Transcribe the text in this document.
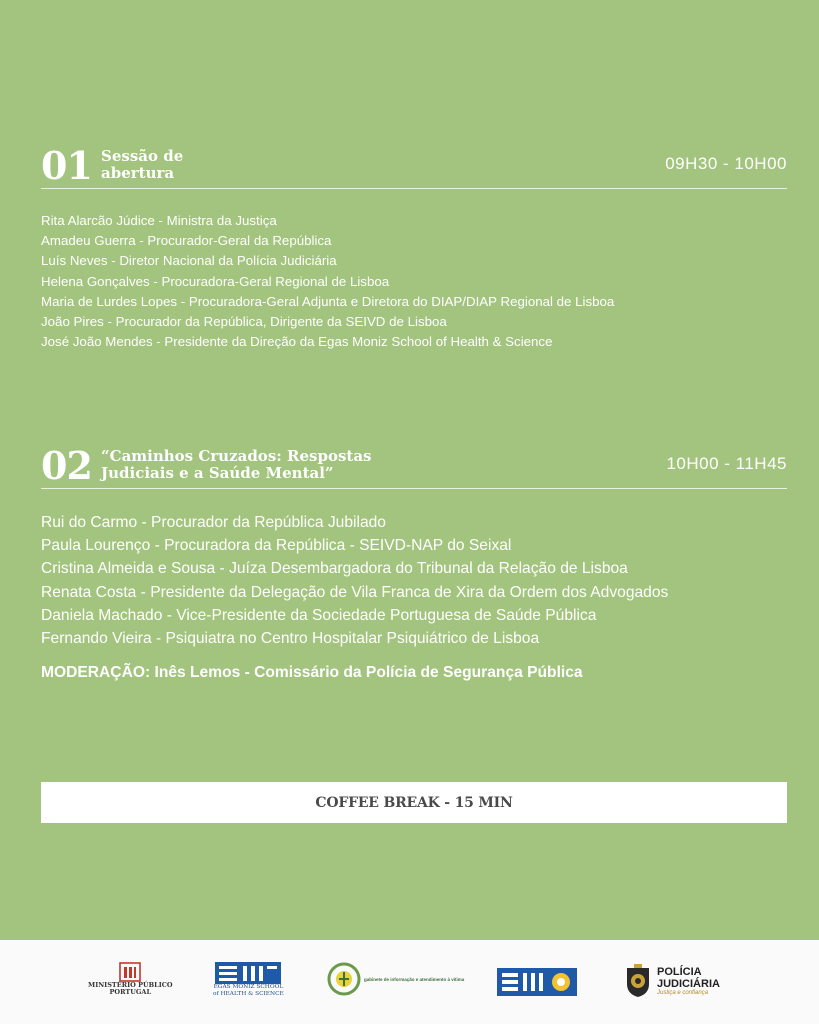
01 Sessão de
abertura	09H30 - 10H00
Rita Alarcão Júdice - Ministra da Justiça
Amadeu Guerra - Procurador-Geral da República
Luís Neves - Diretor Nacional da Polícia Judiciária
Helena Gonçalves - Procuradora-Geral Regional de Lisboa
Maria de Lurdes Lopes - Procuradora-Geral Adjunta e Diretora do DIAP/DIAP Regional de Lisboa
João Pires - Procurador da República, Dirigente da SEIVD de Lisboa
José João Mendes - Presidente da Direção da Egas Moniz School of Health & Science
02 “Caminhos Cruzados: Respostas
Judiciais e a Saúde Mental”	10H00 - 11H45
Rui do Carmo - Procurador da República Jubilado
Paula Lourenço - Procuradora da República - SEIVD-NAP do Seixal
Cristina Almeida e Sousa - Juíza Desembargadora do Tribunal da Relação de Lisboa
Renata Costa - Presidente da Delegação de Vila Franca de Xira da Ordem dos Advogados
Daniela Machado - Vice-Presidente da Sociedade Portuguesa de Saúde Pública
Fernando Vieira - Psiquiatra no Centro Hospitalar Psiquiátrico de Lisboa
MODERAÇÃO: Inês Lemos - Comissário da Polícia de Segurança Pública
COFFEE BREAK - 15 MIN
MINISTÉRIO PÚBLICO
PORTUGAL
EGAS MONIZ SCHOOL
of HEALTH & SCIENCE
gabinete de informação e atendimento à vítima
POLÍCIA
JUDICIÁRIA
Justiça e confiança
